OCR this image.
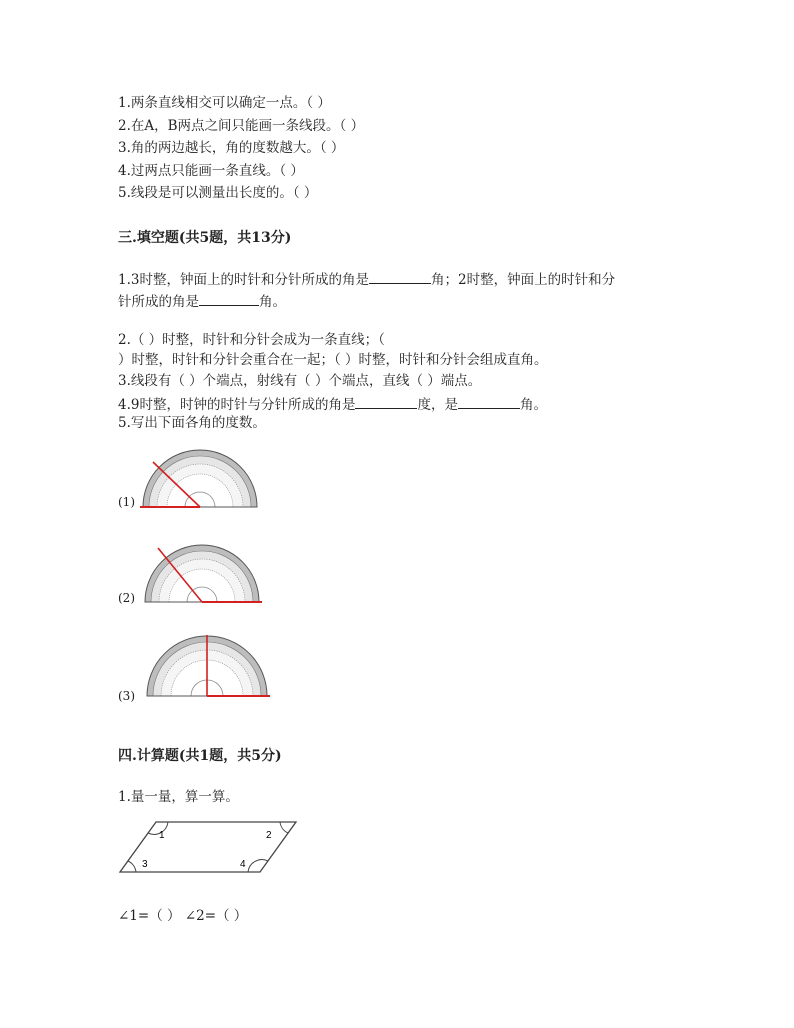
1.两条直线相交可以确定一点。（ ）
2.在A，B两点之间只能画一条线段。（ ）
3.角的两边越长，角的度数越大。（ ）
4.过两点只能画一条直线。（ ）
5.线段是可以测量出长度的。（ ）
三.填空题(共5题，共13分)
1.3时整，钟面上的时针和分针所成的角是	角；2时整，钟面上的时针和分
针所成的角是	角。
2.（ ）时整，时针和分针会成为一条直线；（
）时整，时针和分针会重合在一起；（ ）时整，时针和分针会组成直角。
3.线段有（ ）个端点，射线有（ ）个端点，直线（ ）端点。
4.9时整，时钟的时针与分针所成的角是	度，是	角。
5.写出下面各角的度数。
(1)
(2)
(3)
四.计算题(共1题，共5分)
1.量一量，算一算。
1	2
3	4
∠1=（ ） ∠2=（ ）
